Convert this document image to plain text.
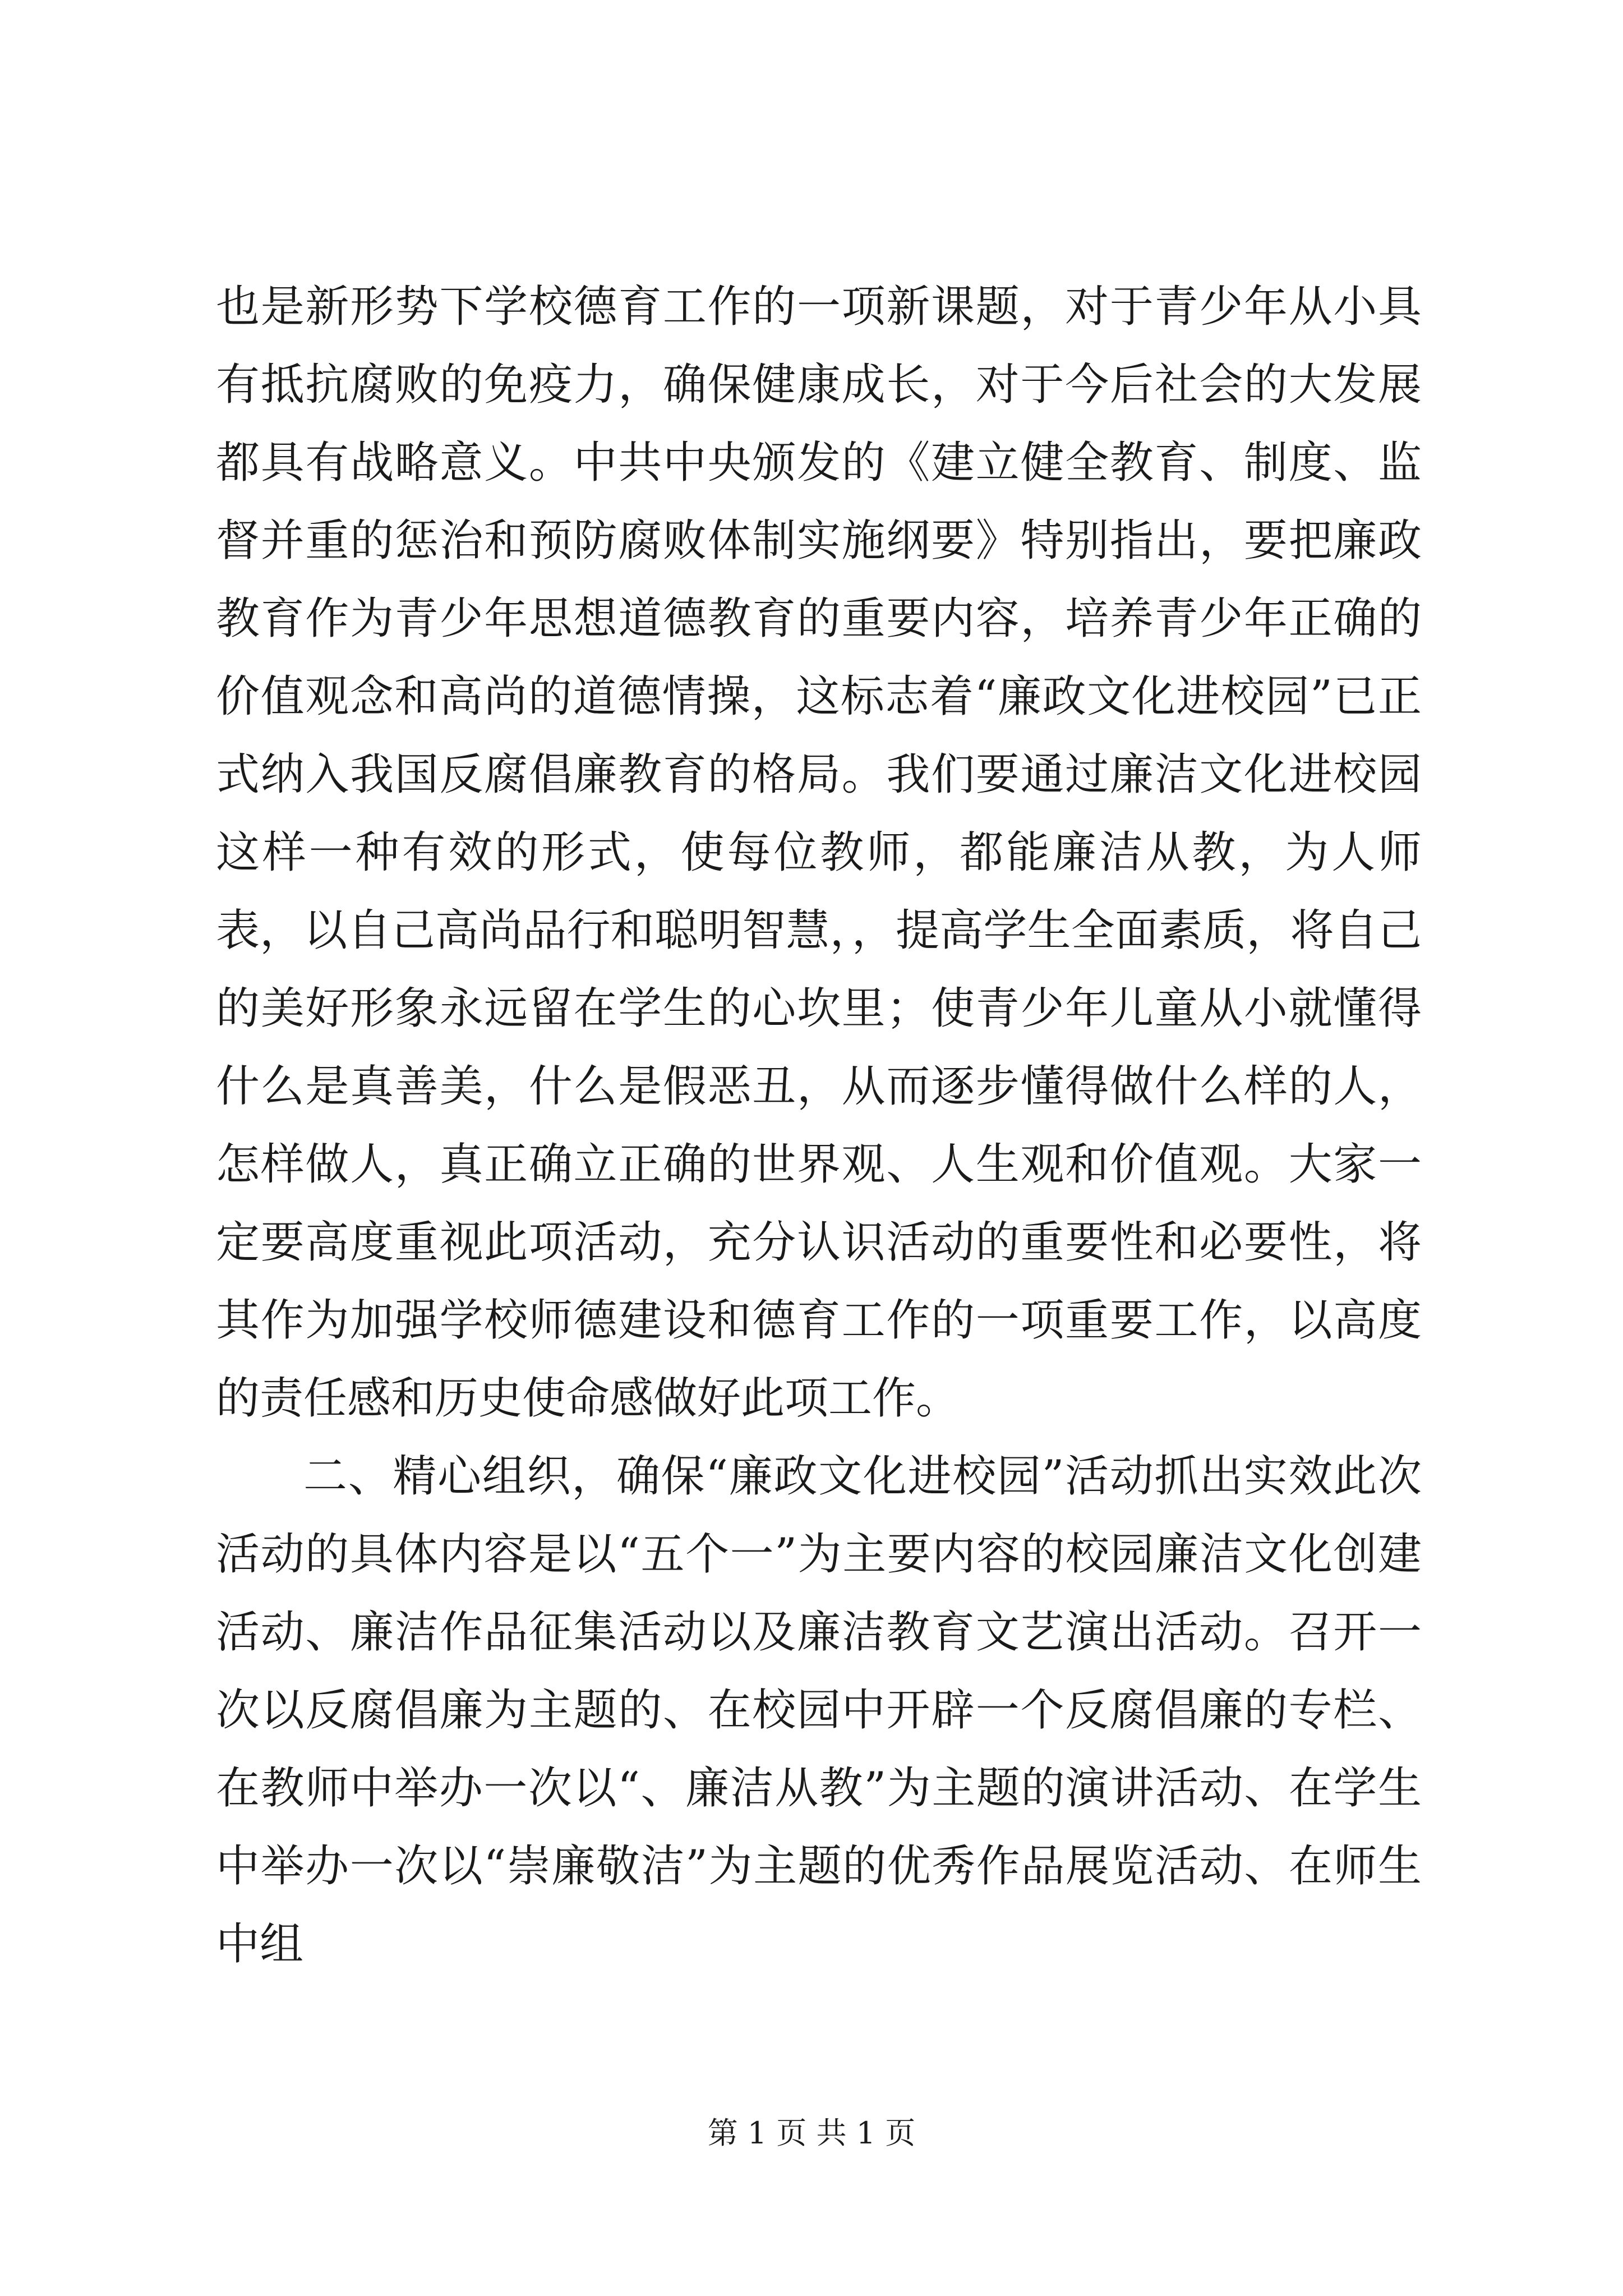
也是新形势下学校德育工作的一项新课题，对于青少年从小具有抵抗腐败的免疫力，确保健康成长，对于今后社会的大发展都具有战略意义。中共中央颁发的《建立健全教育、制度、监督并重的惩治和预防腐败体制实施纲要》特别指出，要把廉政教育作为青少年思想道德教育的重要内容，培养青少年正确的价值观念和高尚的道德情操，这标志着“廉政文化进校园”已正式纳入我国反腐倡廉教育的格局。我们要通过廉洁文化进校园这样一种有效的形式，使每位教师，都能廉洁从教，为人师表，以自己高尚品行和聪明智慧，，提高学生全面素质，将自己的美好形象永远留在学生的心坎里；使青少年儿童从小就懂得什么是真善美，什么是假恶丑，从而逐步懂得做什么样的人，怎样做人，真正确立正确的世界观、人生观和价值观。大家一定要高度重视此项活动，充分认识活动的重要性和必要性，将其作为加强学校师德建设和德育工作的一项重要工作，以高度的责任感和历史使命感做好此项工作。

二、精心组织，确保“廉政文化进校园”活动抓出实效此次活动的具体内容是以“五个一”为主要内容的校园廉洁文化创建活动、廉洁作品征集活动以及廉洁教育文艺演出活动。召开一次以反腐倡廉为主题的、在校园中开辟一个反腐倡廉的专栏、在教师中举办一次以“、廉洁从教”为主题的演讲活动、在学生中举办一次以“崇廉敬洁”为主题的优秀作品展览活动、在师生中组

第 1 页 共 1 页
